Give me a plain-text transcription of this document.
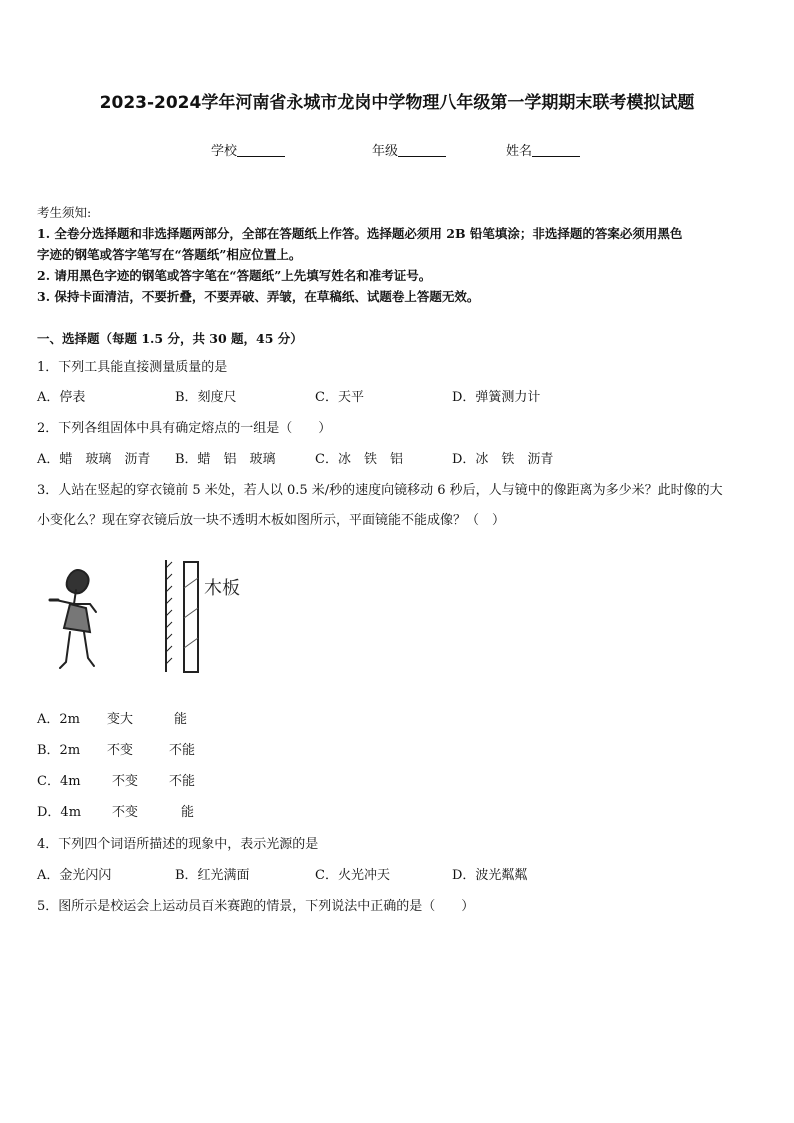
2023-2024学年河南省永城市龙岗中学物理八年级第一学期期末联考模拟试题
学校	年级	姓名
考生须知:
1. 全卷分选择题和非选择题两部分，全部在答题纸上作答。选择题必须用 2B 铅笔填涂；非选择题的答案必须用黑色
字迹的钢笔或答字笔写在“答题纸”相应位置上。
2. 请用黑色字迹的钢笔或答字笔在“答题纸”上先填写姓名和准考证号。
3. 保持卡面清洁，不要折叠，不要弄破、弄皱，在草稿纸、试题卷上答题无效。
一、选择题（每题 1.5 分，共 30 题，45 分）
1．下列工具能直接测量质量的是
A．停表	B．刻度尺	C．天平	D．弹簧测力计
2．下列各组固体中具有确定熔点的一组是（　　）
A．蜡　玻璃　沥青 B．蜡　铝　玻璃	C．冰　铁　铝	D．冰　铁　沥青
3．人站在竖起的穿衣镜前 5 米处，若人以 0.5 米/秒的速度向镜移动 6 秒后，人与镜中的像距离为多少米？此时像的大
小变化么？现在穿衣镜后放一块不透明木板如图所示，平面镜能不能成像？（　）
木板
A．2m 变大	能
B．2m 不变	不能
C．4m 不变 不能
D．4m 不变	能
4．下列四个词语所描述的现象中，表示光源的是
A．金光闪闪	B．红光满面	C．火光冲天	D．波光粼粼
5．图所示是校运会上运动员百米赛跑的情景，下列说法中正确的是（　　）
